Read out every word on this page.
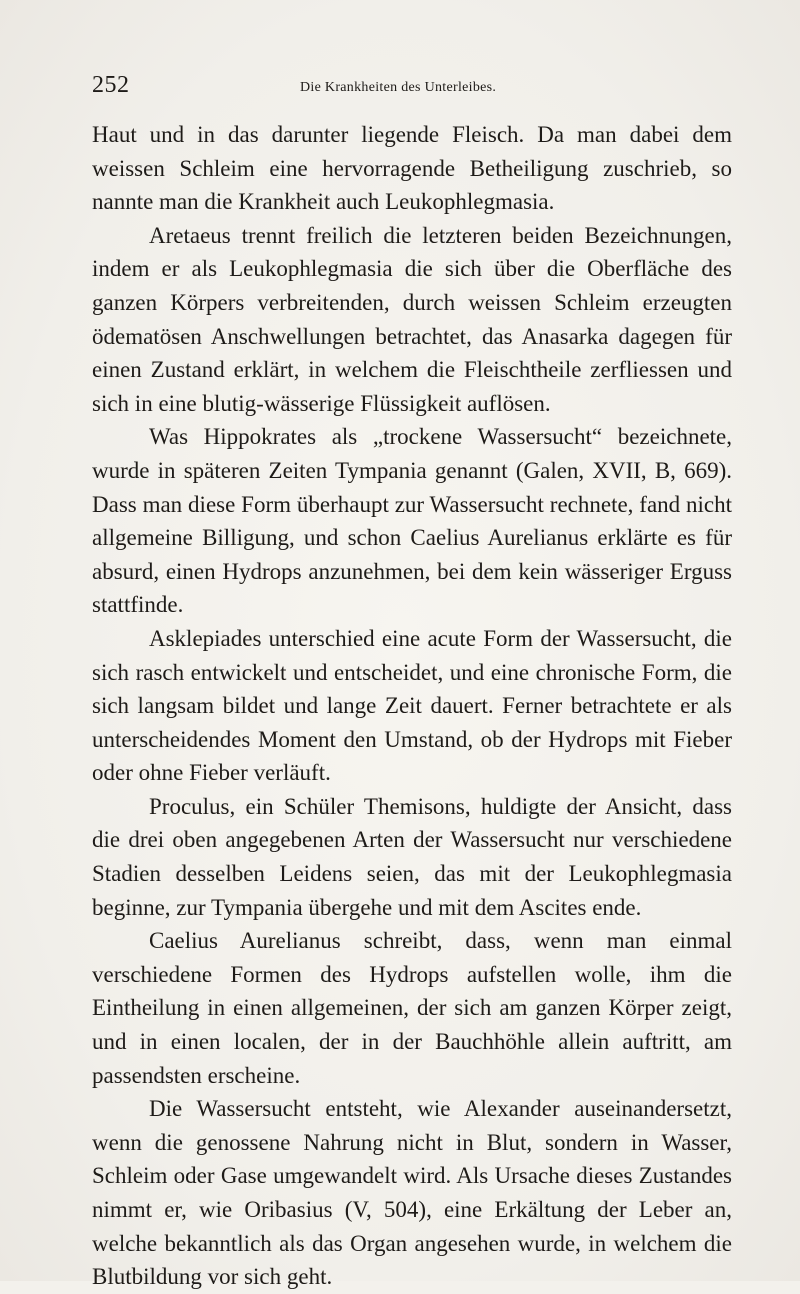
252	Die Krankheiten des Unterleibes.

Haut und in das darunter liegende Fleisch. Da man dabei dem weissen Schleim eine hervorragende Betheiligung zuschrieb, so nannte man die Krankheit auch Leukophlegmasia.

Aretaeus trennt freilich die letzteren beiden Bezeichnungen, indem er als Leukophlegmasia die sich über die Oberfläche des ganzen Körpers verbreitenden, durch weissen Schleim erzeugten ödematösen Anschwellungen betrachtet, das Anasarka dagegen für einen Zustand erklärt, in welchem die Fleischtheile zerfliessen und sich in eine blutig-wässerige Flüssigkeit auflösen.

Was Hippokrates als „trockene Wassersucht“ bezeichnete, wurde in späteren Zeiten Tympania genannt (Galen, XVII, B, 669). Dass man diese Form überhaupt zur Wassersucht rechnete, fand nicht allgemeine Billigung, und schon Caelius Aurelianus erklärte es für absurd, einen Hydrops anzunehmen, bei dem kein wässeriger Erguss stattfinde.

Asklepiades unterschied eine acute Form der Wassersucht, die sich rasch entwickelt und entscheidet, und eine chronische Form, die sich langsam bildet und lange Zeit dauert. Ferner betrachtete er als unterscheidendes Moment den Umstand, ob der Hydrops mit Fieber oder ohne Fieber verläuft.

Proculus, ein Schüler Themisons, huldigte der Ansicht, dass die drei oben angegebenen Arten der Wassersucht nur verschiedene Stadien desselben Leidens seien, das mit der Leukophlegmasia beginne, zur Tympania übergehe und mit dem Ascites ende.

Caelius Aurelianus schreibt, dass, wenn man einmal verschiedene Formen des Hydrops aufstellen wolle, ihm die Eintheilung in einen allgemeinen, der sich am ganzen Körper zeigt, und in einen localen, der in der Bauchhöhle allein auftritt, am passendsten erscheine.

Die Wassersucht entsteht, wie Alexander auseinandersetzt, wenn die genossene Nahrung nicht in Blut, sondern in Wasser, Schleim oder Gase umgewandelt wird. Als Ursache dieses Zustandes nimmt er, wie Oribasius (V, 504), eine Erkältung der Leber an, welche bekanntlich als das Organ angesehen wurde, in welchem die Blutbildung vor sich geht.
